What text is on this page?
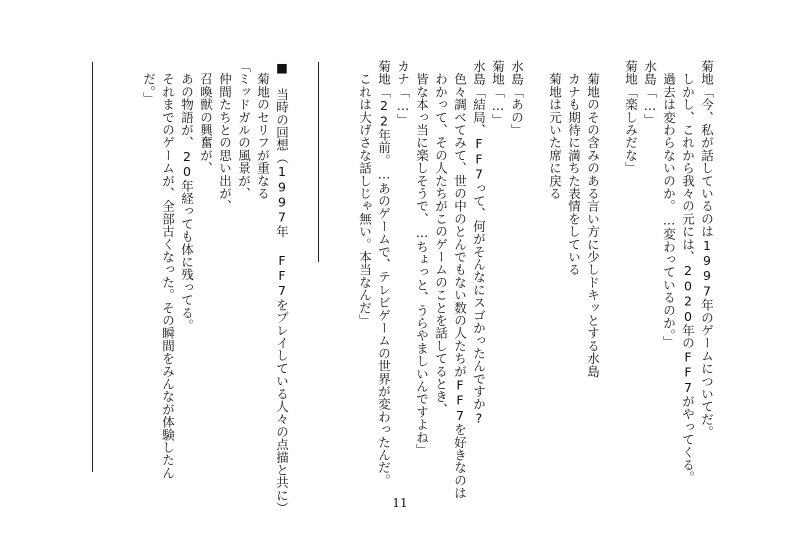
菊地「今、私が話しているのは1997年のゲームについてだ。
　しかし、これから我々の元には、2020年のFF7がやってくる。
　過去は変わらないのか。…変わっているのか。」
水島「…」
菊地「楽しみだな」
　菊地のその含みのある言い方に少しドキッとする水島
　カナも期待に満ちた表情をしている
　菊地は元いた席に戻る
水島「あの」
菊地「…」
水島「結局、FF7って、何がそんなにスゴかったんですか?
　色々調べてみて、世の中のとんでもない数の人たちがFF7を好きなのは
　わかって、その人たちがこのゲームのことを話してるとき、
　皆な本っ当に楽しそうで、…ちょっと、うらやましいんですよね」
カナ「…」
菊地「22年前。…あのゲームで、テレビゲームの世界が変わったんだ。
　これは大げさな話しじゃ無い。本当なんだ」
■　当時の回想（1997年 FF7をプレイしている人々の点描と共に）
　菊地のセリフが重なる
「ミッドガルの風景が、
　仲間たちとの思い出が、
　召喚獣の興奮が、
　あの物語が、20年経っても体に残ってる。
　それまでのゲームが、全部古くなった。その瞬間をみんなが体験したん
　だ。」
11
